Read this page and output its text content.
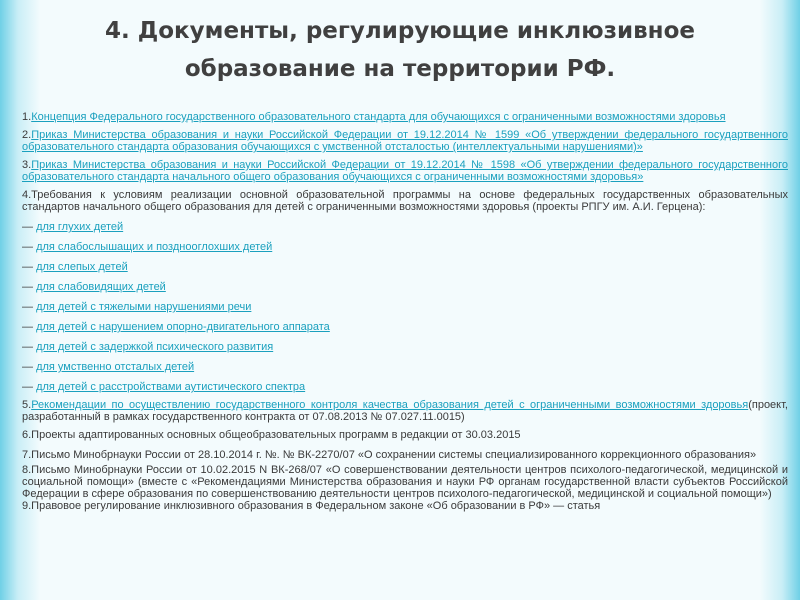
4. Документы, регулирующие инклюзивное образование на территории РФ.

1.Концепция Федерального государственного образовательного стандарта для обучающихся с ограниченными возможностями здоровья

2.Приказ Министерства образования и науки Российской Федерации от 19.12.2014 № 1599 «Об утверждении федерального государтвенного образовательного стандарта образования обучающихся с умственной отсталостью (интеллектуальными нарушениями)»

3.Приказ Министерства образования и науки Российской Федерации от 19.12.2014 № 1598 «Об утверждении федерального государственного образовательного стандарта начального общего образования обучающихся с ограниченными возможностями здоровья»

4.Требования к условиям реализации основной образовательной программы на основе федеральных государственных образовательных стандартов начального общего образования для детей с ограниченными возможностями здоровья (проекты РПГУ им. А.И. Герцена):

— для глухих детей

— для слабослышащих и позднооглохших детей

— для слепых детей

— для слабовидящих детей

— для детей с тяжелыми нарушениями речи

— для детей с нарушением опорно-двигательного аппарата

— для детей с задержкой психического развития

— для умственно отсталых детей

— для детей с расстройствами аутистического спектра

5.Рекомендации по осуществлению государственного контроля качества образования детей с ограниченными возможностями здоровья(проект, разработанный в рамках государственного контракта от 07.08.2013 № 07.027.11.0015)

6.Проекты адаптированных основных общеобразовательных программ в редакции от 30.03.2015

7.Письмо Минобрнауки России от 28.10.2014 г. №. № ВК-2270/07 «О сохранении системы специализированного коррекционного образования»

8.Письмо Минобрнауки России от 10.02.2015 N ВК-268/07 «О совершенствовании деятельности центров психолого-педагогической, медицинской и социальной помощи» (вместе с «Рекомендациями Министерства образования и науки РФ органам государственной власти субъектов Российской Федерации в сфере образования по совершенствованию деятельности центров психолого-педагогической, медицинской и социальной помощи»)

9.Правовое регулирование инклюзивного образования в Федеральном законе «Об образовании в РФ» — статья
